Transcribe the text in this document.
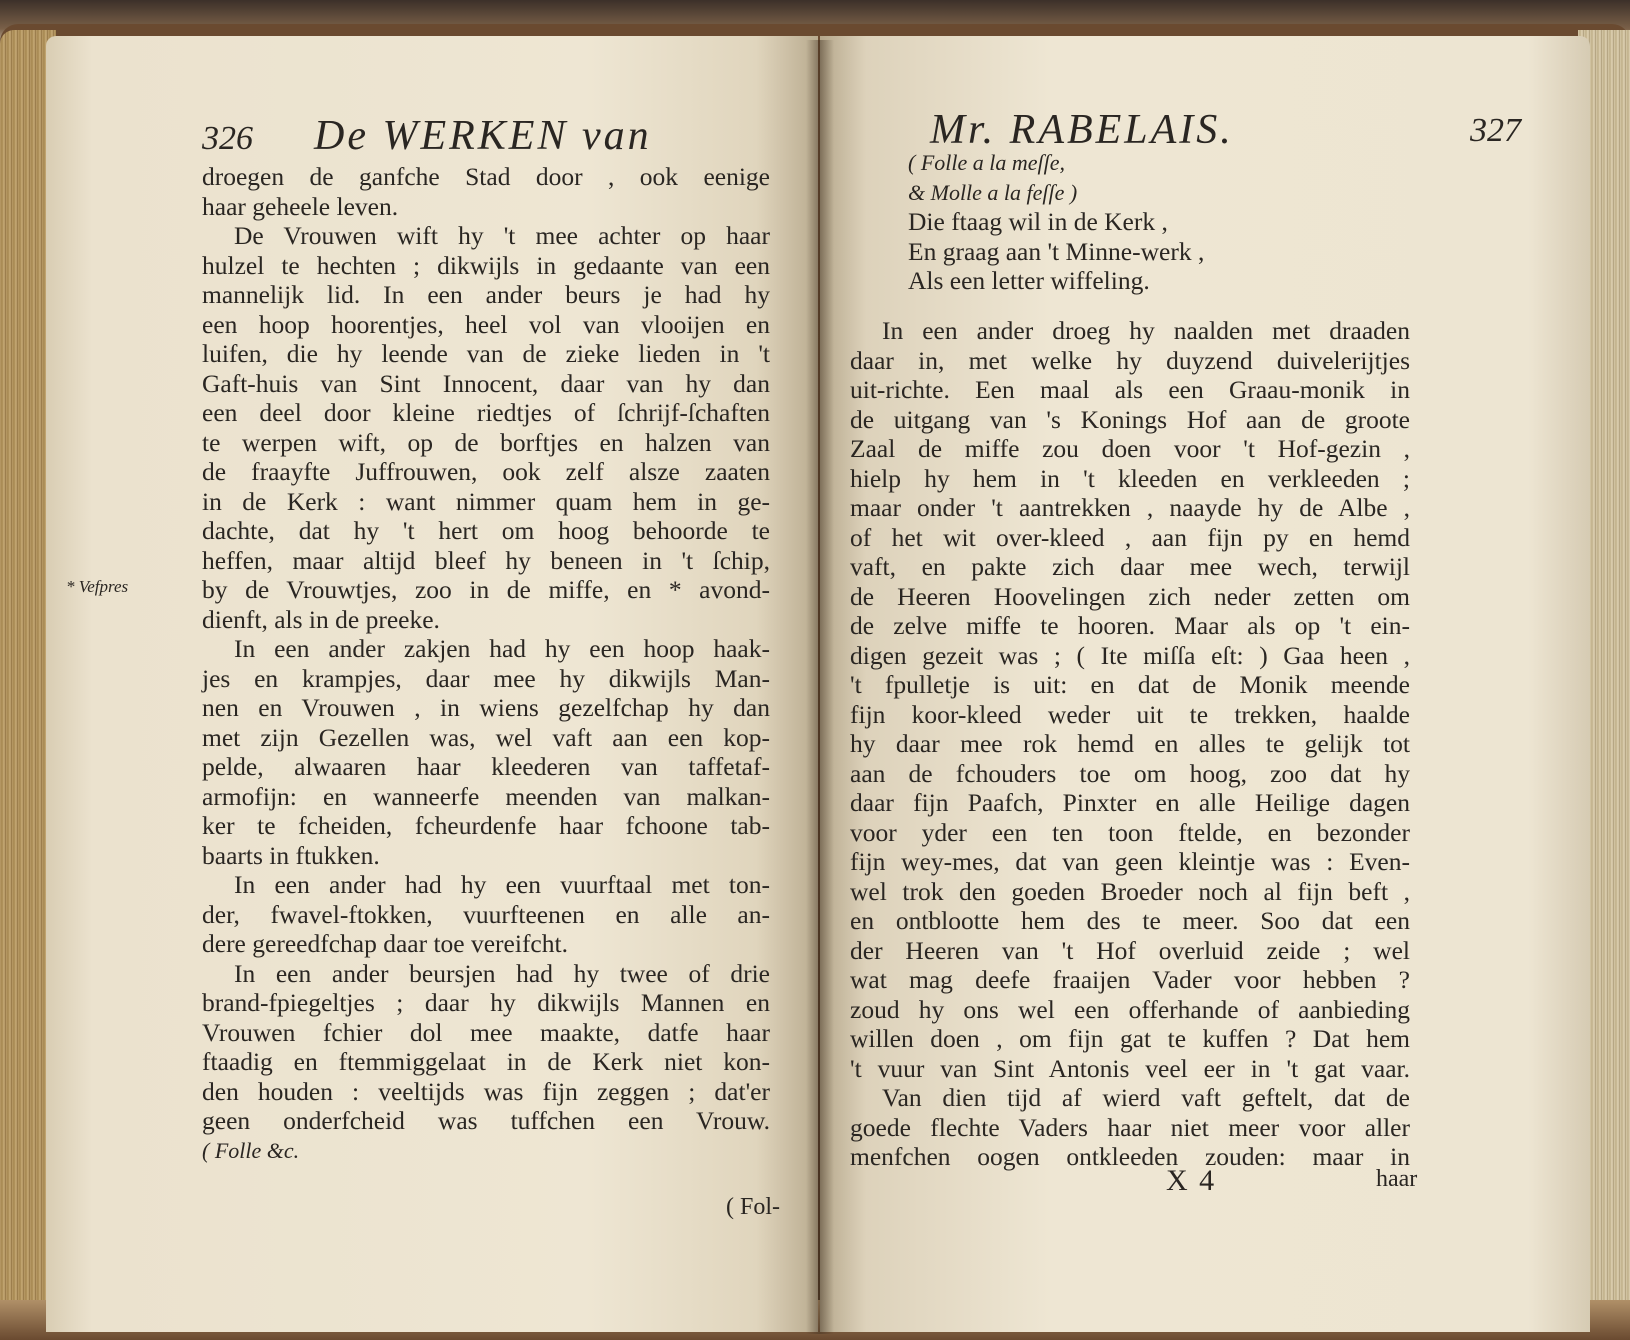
326 De WERKEN van
droegen de ganfche Stad door , ook eenige
haar geheele leven.
De Vrouwen wift hy 't mee achter op haar
hulzel te hechten ; dikwijls in gedaante van een
mannelijk lid. In een ander beurs je had hy
een hoop hoorentjes, heel vol van vlooijen en
luifen, die hy leende van de zieke lieden in 't
Gaft-huis van Sint Innocent, daar van hy dan
een deel door kleine riedtjes of ſchrijf-ſchaften
te werpen wift, op de borftjes en halzen van
de fraayfte Juffrouwen, ook zelf alsze zaaten
in de Kerk : want nimmer quam hem in ge-
dachte, dat hy 't hert om hoog behoorde te
heffen, maar altijd bleef hy beneen in 't ſchip,
by de Vrouwtjes, zoo in de miffe, en * avond-
dienft, als in de preeke.
In een ander zakjen had hy een hoop haak-
jes en krampjes, daar mee hy dikwijls Man-
nen en Vrouwen , in wiens gezelfchap hy dan
met zijn Gezellen was, wel vaft aan een kop-
pelde, alwaaren haar kleederen van taffetaf-
armofijn: en wanneerfe meenden van malkan-
ker te fcheiden, fcheurdenfe haar fchoone tab-
baarts in ftukken.
In een ander had hy een vuurftaal met ton-
der, fwavel-ftokken, vuurfteenen en alle an-
dere gereedfchap daar toe vereifcht.
In een ander beursjen had hy twee of drie
brand-fpiegeltjes ; daar hy dikwijls Mannen en
Vrouwen fchier dol mee maakte, datfe haar
ftaadig en ftemmiggelaat in de Kerk niet kon-
den houden : veeltijds was fijn zeggen ; dat'er
geen onderfcheid was tuffchen een Vrouw.
( Folle &c.
( Fol-
* Vefpres
Mr. RABELAIS.	327
( Folle a la meſſe,
& Molle a la feſſe )
Die ftaag wil in de Kerk ,
En graag aan 't Minne-werk ,
Als een letter wiffeling.
In een ander droeg hy naalden met draaden
daar in, met welke hy duyzend duivelerijtjes
uit-richte. Een maal als een Graau-monik in
de uitgang van 's Konings Hof aan de groote
Zaal de miffe zou doen voor 't Hof-gezin ,
hielp hy hem in 't kleeden en verkleeden ;
maar onder 't aantrekken , naayde hy de Albe ,
of het wit over-kleed , aan fijn py en hemd
vaft, en pakte zich daar mee wech, terwijl
de Heeren Hoovelingen zich neder zetten om
de zelve miffe te hooren. Maar als op 't ein-
digen gezeit was ; ( Ite miſſa eſt: ) Gaa heen ,
't fpulletje is uit: en dat de Monik meende
fijn koor-kleed weder uit te trekken, haalde
hy daar mee rok hemd en alles te gelijk tot
aan de fchouders toe om hoog, zoo dat hy
daar fijn Paafch, Pinxter en alle Heilige dagen
voor yder een ten toon ftelde, en bezonder
fijn wey-mes, dat van geen kleintje was : Even-
wel trok den goeden Broeder noch al fijn beft ,
en ontblootte hem des te meer. Soo dat een
der Heeren van 't Hof overluid zeide ; wel
wat mag deefe fraaijen Vader voor hebben ?
zoud hy ons wel een offerhande of aanbieding
willen doen , om fijn gat te kuffen ? Dat hem
't vuur van Sint Antonis veel eer in 't gat vaar.
Van dien tijd af wierd vaft geftelt, dat de
goede flechte Vaders haar niet meer voor aller
menfchen oogen ontkleeden zouden: maar in
X 4	haar
